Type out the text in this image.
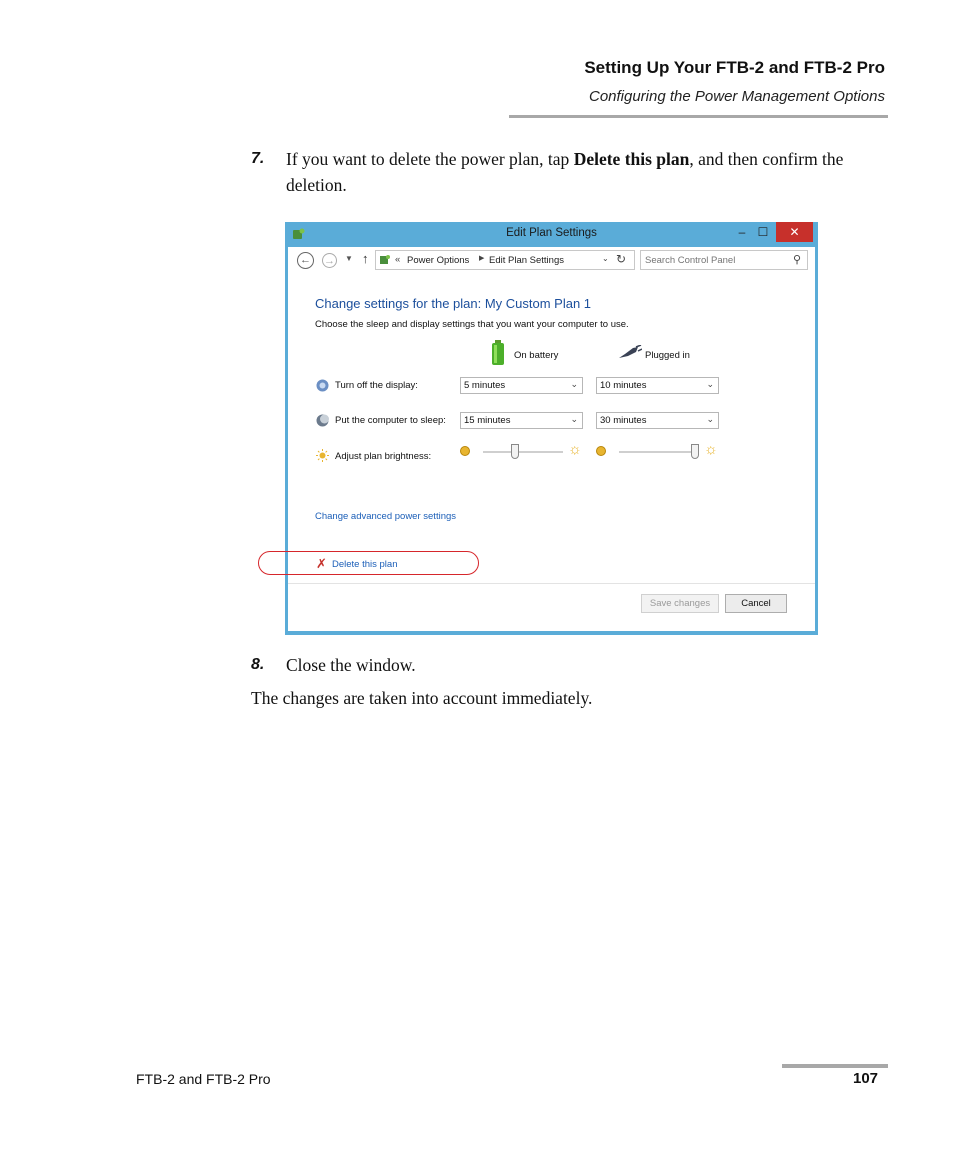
Setting Up Your FTB-2 and FTB-2 Pro
Configuring the Power Management Options
7. If you want to delete the power plan, tap Delete this plan, and then confirm the deletion.
Edit Plan Settings	–	☐	✕
← → ▼ ↑	« Power Options ▶ Edit Plan Settings	⌄ ↻
Search Control Panel	⚲
Change settings for the plan: My Custom Plan 1
Choose the sleep and display settings that you want your computer to use.
On battery	Plugged in
Turn off the display:	5 minutes	⌄ 10 minutes	⌄
Put the computer to sleep: 15 minutes	⌄ 30 minutes	⌄
Adjust plan brightness:	☼	☼
Change advanced power settings
✗ Delete this plan
Save changes	Cancel
8. Close the window.
The changes are taken into account immediately.
FTB-2 and FTB-2 Pro	107
